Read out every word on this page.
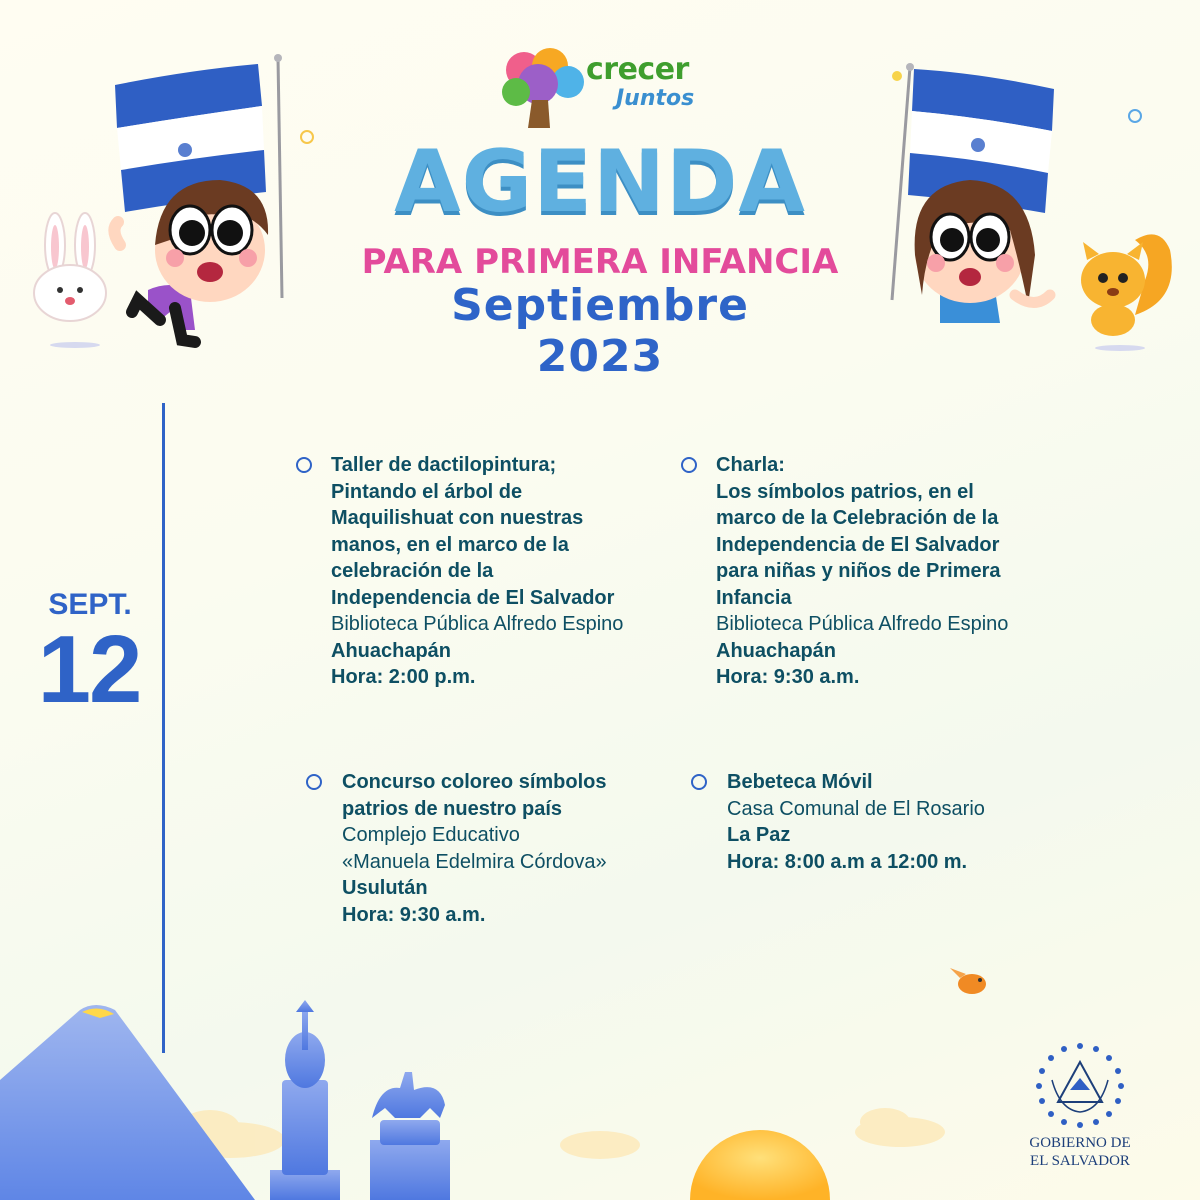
crecer
Juntos
AGENDA
PARA PRIMERA INFANCIA
Septiembre 2023
SEPT.
12
Taller de dactilopintura;
Pintando el árbol de
Maquilishuat con nuestras
manos, en el marco de la
celebración de la
Independencia de El Salvador
Biblioteca Pública Alfredo Espino
Ahuachapán
Hora: 2:00 p.m.
Charla:
Los símbolos patrios, en el
marco de la Celebración de la
Independencia de El Salvador
para niñas y niños de Primera
Infancia
Biblioteca Pública Alfredo Espino
Ahuachapán
Hora: 9:30 a.m.
Concurso coloreo símbolos
patrios de nuestro país
Complejo Educativo
«Manuela Edelmira Córdova»
Usulután
Hora: 9:30 a.m.
Bebeteca Móvil
Casa Comunal de El Rosario
La Paz
Hora: 8:00 a.m a 12:00 m.
GOBIERNO DE
EL SALVADOR
